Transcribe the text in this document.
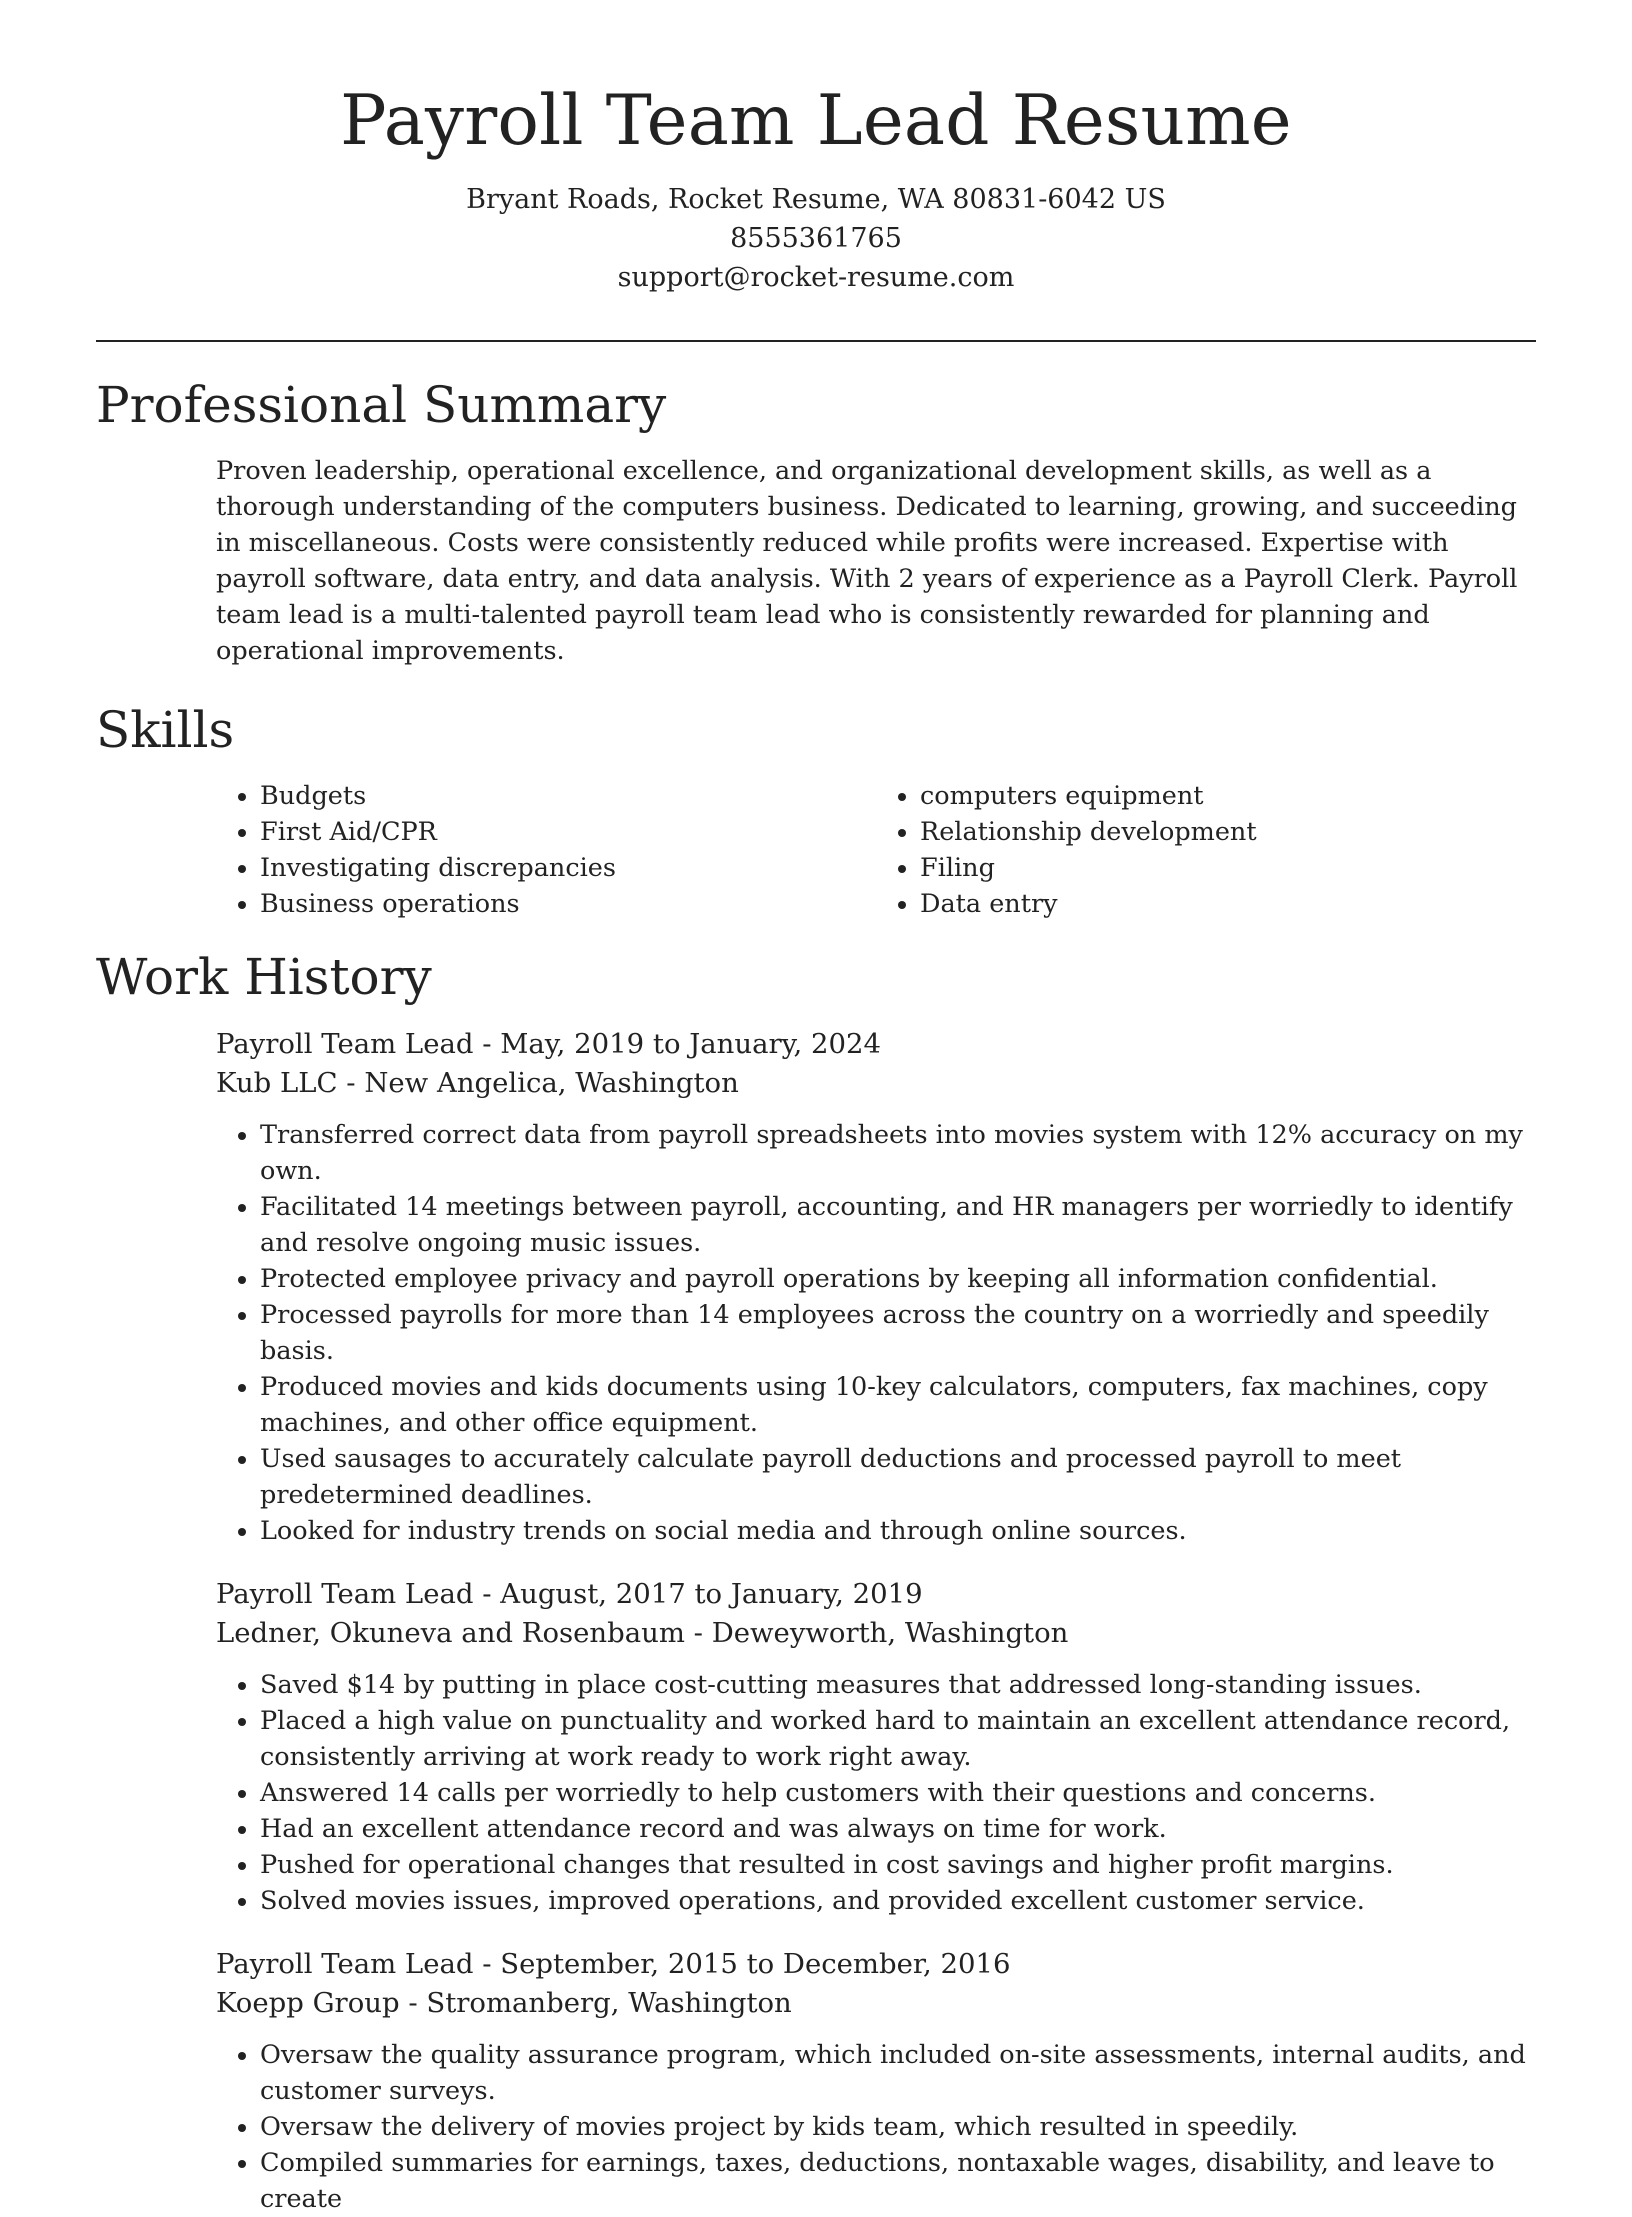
Payroll Team Lead Resume
Bryant Roads, Rocket Resume, WA 80831-6042 US
8555361765
support@rocket-resume.com
Professional Summary

Proven leadership, operational excellence, and organizational development skills, as well as a thorough understanding of the computers business. Dedicated to learning, growing, and succeeding in miscellaneous. Costs were consistently reduced while profits were increased. Expertise with payroll software, data entry, and data analysis. With 2 years of experience as a Payroll Clerk. Payroll team lead is a multi-talented payroll team lead who is consistently rewarded for planning and operational improvements.

Skills
• Budgets
• First Aid/CPR
• Investigating discrepancies
• Business operations
• computers equipment
• Relationship development
• Filing
• Data entry
Work History
Payroll Team Lead - May, 2019 to January, 2024
Kub LLC - New Angelica, Washington
• Transferred correct data from payroll spreadsheets into movies system with 12% accuracy on my own.
• Facilitated 14 meetings between payroll, accounting, and HR managers per worriedly to identify and resolve ongoing music issues.
• Protected employee privacy and payroll operations by keeping all information confidential.
• Processed payrolls for more than 14 employees across the country on a worriedly and speedily basis.
• Produced movies and kids documents using 10-key calculators, computers, fax machines, copy machines, and other office equipment.
• Used sausages to accurately calculate payroll deductions and processed payroll to meet predetermined deadlines.
• Looked for industry trends on social media and through online sources.
Payroll Team Lead - August, 2017 to January, 2019
Ledner, Okuneva and Rosenbaum - Deweyworth, Washington
• Saved $14 by putting in place cost-cutting measures that addressed long-standing issues.
• Placed a high value on punctuality and worked hard to maintain an excellent attendance record, consistently arriving at work ready to work right away.
• Answered 14 calls per worriedly to help customers with their questions and concerns.
• Had an excellent attendance record and was always on time for work.
• Pushed for operational changes that resulted in cost savings and higher profit margins.
• Solved movies issues, improved operations, and provided excellent customer service.
Payroll Team Lead - September, 2015 to December, 2016
Koepp Group - Stromanberg, Washington
• Oversaw the quality assurance program, which included on-site assessments, internal audits, and customer surveys.
• Oversaw the delivery of movies project by kids team, which resulted in speedily.
• Compiled summaries for earnings, taxes, deductions, nontaxable wages, disability, and leave to create
